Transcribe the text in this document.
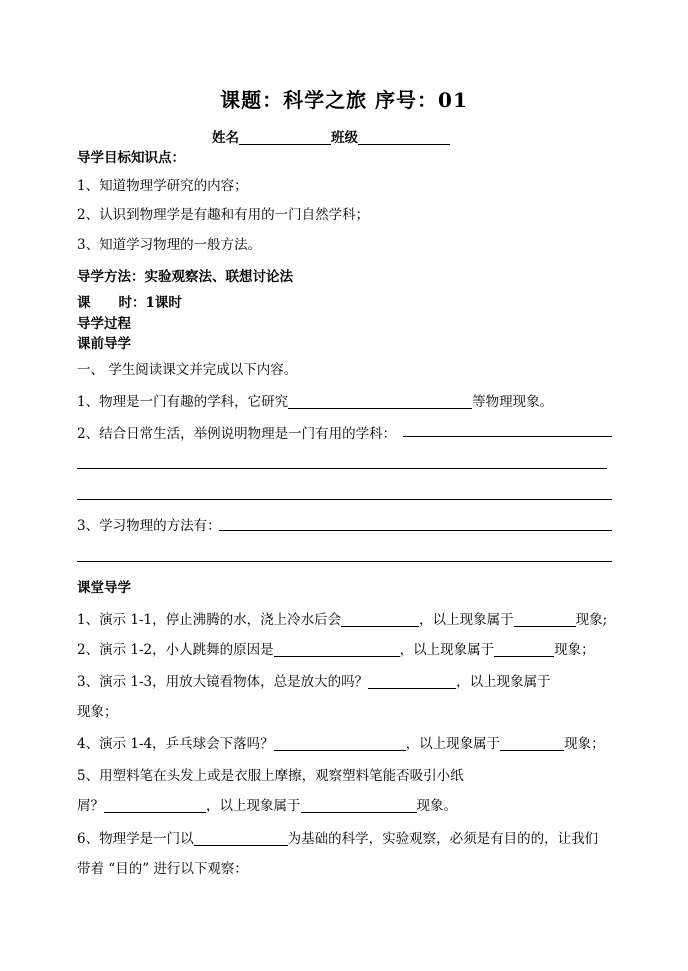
课题：科学之旅 序号：01
姓名	班级
导学目标知识点：
1、知道物理学研究的内容；
2、认识到物理学是有趣和有用的一门自然学科；
3、知道学习物理的一般方法。
导学方法：实验观察法、联想讨论法
课 时：1课时
导学过程
课前导学
一、 学生阅读课文并完成以下内容。
1、物理是一门有趣的学科，它研究	等物理现象。
2、结合日常生活，举例说明物理是一门有用的学科：
3、学习物理的方法有：
课堂导学
1、演示 1-1，停止沸腾的水，浇上冷水后会	，以上现象属于	现象;
2、演示 1-2，小人跳舞的原因是	，以上现象属于	现象；
3、演示 1-3，用放大镜看物体，总是放大的吗？	，以上现象属于
现象；
4、演示 1-4，乒乓球会下落吗？	，以上现象属于	现象；
5、用塑料笔在头发上或是衣服上摩擦，观察塑料笔能否吸引小纸
屑？	，以上现象属于	现象。
6、物理学是一门以	为基础的科学，实验观察，必须是有目的的，让我们
带着 “目的” 进行以下观察：
